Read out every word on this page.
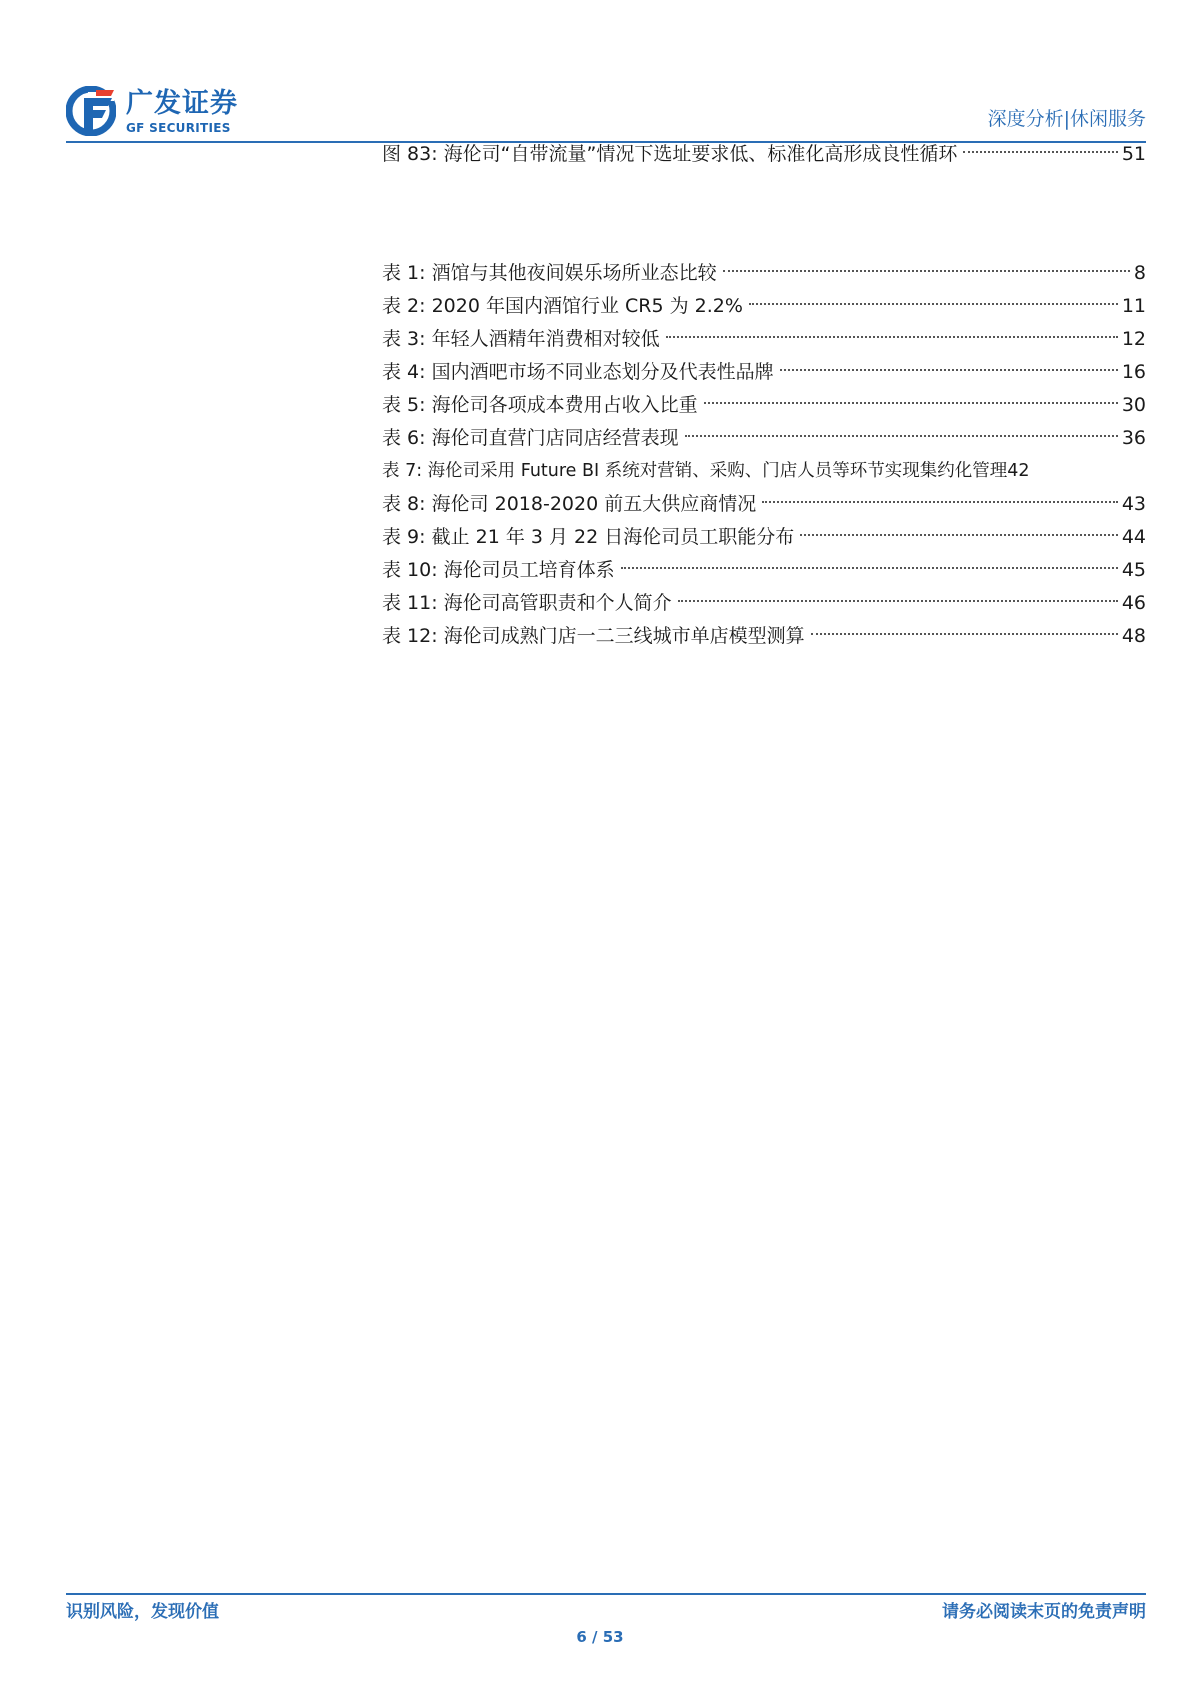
广发证券
GF SECURITIES	深度分析|休闲服务
图 83: 海伦司“自带流量”情况下选址要求低、标准化高形成良性循环	51
表 1: 酒馆与其他夜间娱乐场所业态比较	8
表 2: 2020 年国内酒馆行业 CR5 为 2.2%	11
表 3: 年轻人酒精年消费相对较低	12
表 4: 国内酒吧市场不同业态划分及代表性品牌	16
表 5: 海伦司各项成本费用占收入比重	30
表 6: 海伦司直营门店同店经营表现	36
表 7: 海伦司采用 Future BI 系统对营销、采购、门店人员等环节实现集约化管理 42
表 8: 海伦司 2018-2020 前五大供应商情况	43
表 9: 截止 21 年 3 月 22 日海伦司员工职能分布	44
表 10: 海伦司员工培育体系	45
表 11: 海伦司高管职责和个人简介	46
表 12: 海伦司成熟门店一二三线城市单店模型测算	48
识别风险，发现价值	请务必阅读末页的免责声明
6 / 53
